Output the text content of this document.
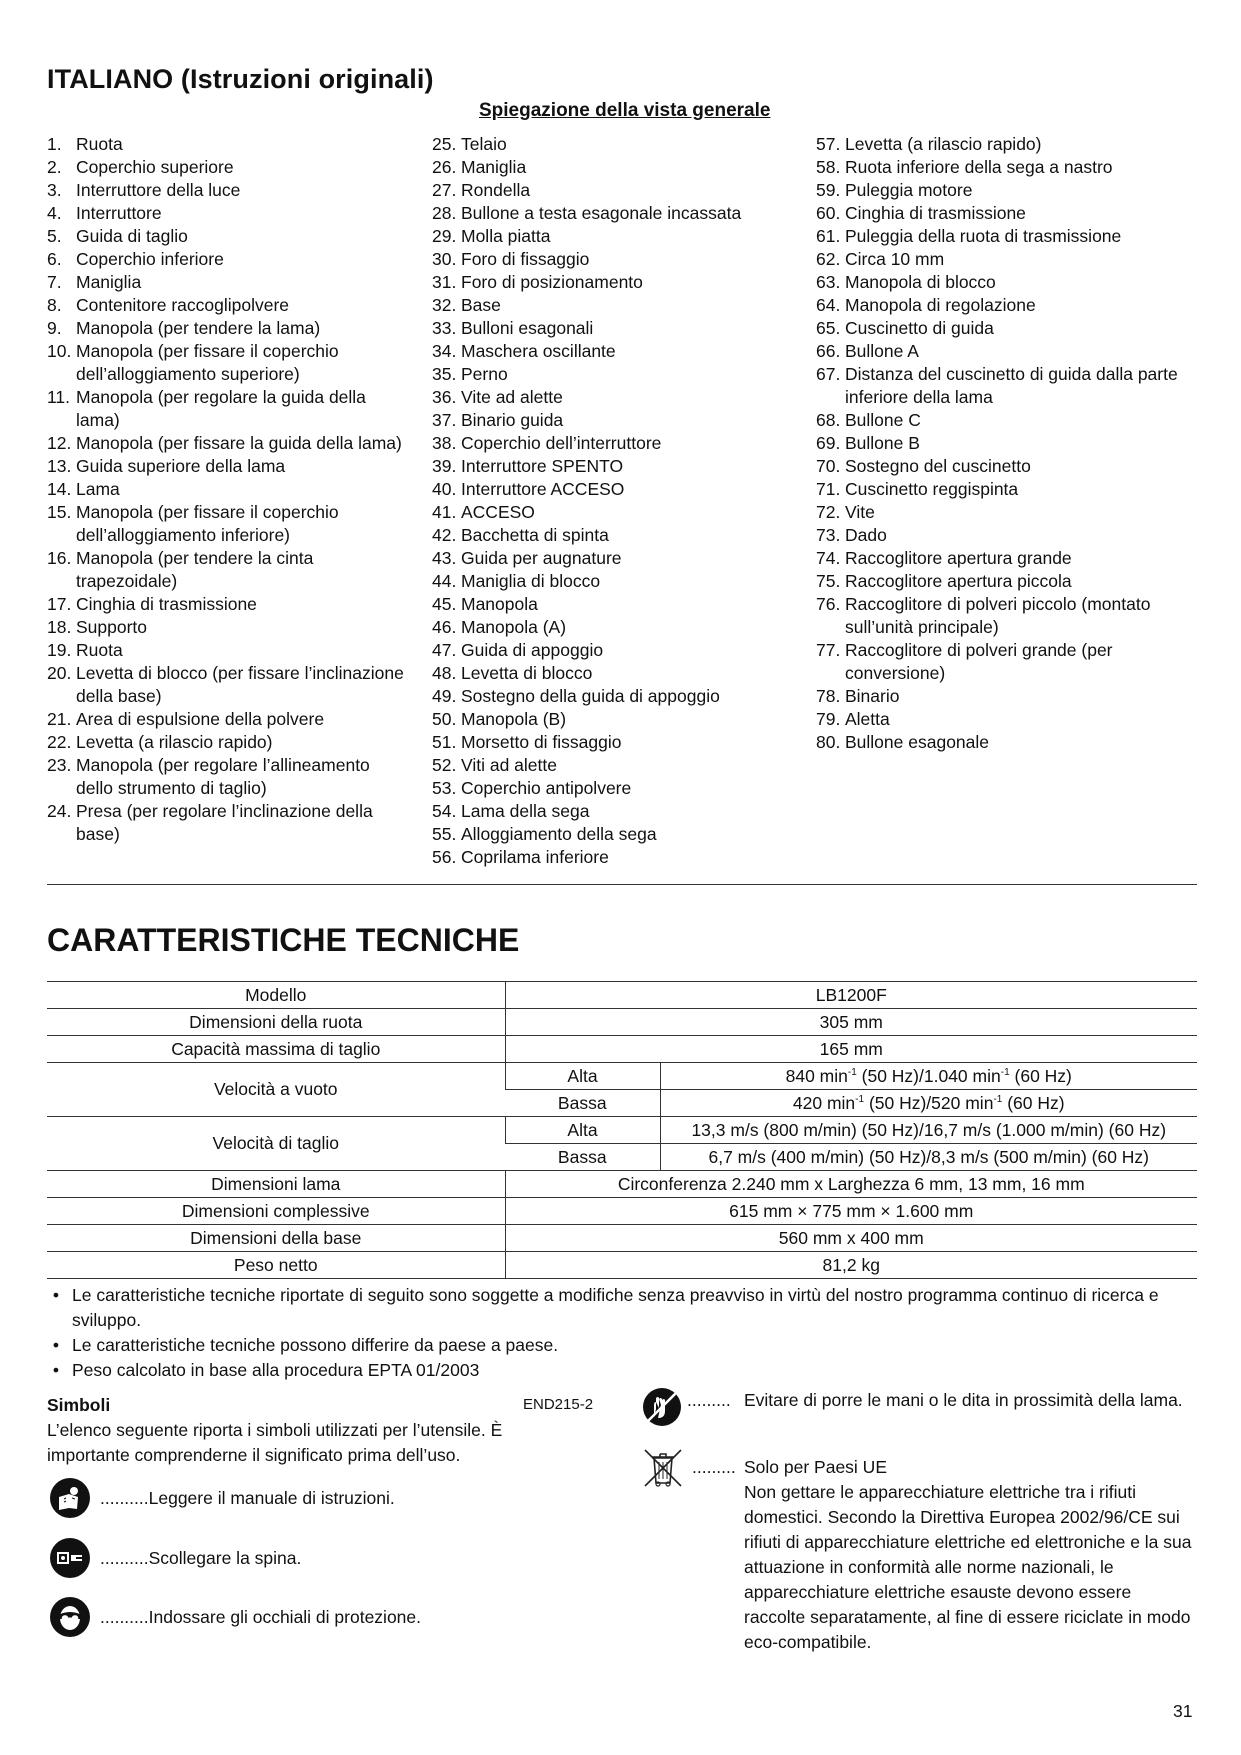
ITALIANO (Istruzioni originali)
Spiegazione della vista generale
1. Ruota
2. Coperchio superiore
3. Interruttore della luce
4. Interruttore
5. Guida di taglio
6. Coperchio inferiore
7. Maniglia
8. Contenitore raccoglipolvere
9. Manopola (per tendere la lama)
10. Manopola (per fissare il coperchio dell’alloggiamento superiore)
11. Manopola (per regolare la guida della lama)
12. Manopola (per fissare la guida della lama)
13. Guida superiore della lama
14. Lama
15. Manopola (per fissare il coperchio dell’alloggiamento inferiore)
16. Manopola (per tendere la cinta trapezoidale)
17. Cinghia di trasmissione
18. Supporto
19. Ruota
20. Levetta di blocco (per fissare l’inclinazione della base)
21. Area di espulsione della polvere
22. Levetta (a rilascio rapido)
23. Manopola (per regolare l’allineamento dello strumento di taglio)
24. Presa (per regolare l’inclinazione della base)
25. Telaio
26. Maniglia
27. Rondella
28. Bullone a testa esagonale incassata
29. Molla piatta
30. Foro di fissaggio
31. Foro di posizionamento
32. Base
33. Bulloni esagonali
34. Maschera oscillante
35. Perno
36. Vite ad alette
37. Binario guida
38. Coperchio dell’interruttore
39. Interruttore SPENTO
40. Interruttore ACCESO
41. ACCESO
42. Bacchetta di spinta
43. Guida per augnature
44. Maniglia di blocco
45. Manopola
46. Manopola (A)
47. Guida di appoggio
48. Levetta di blocco
49. Sostegno della guida di appoggio
50. Manopola (B)
51. Morsetto di fissaggio
52. Viti ad alette
53. Coperchio antipolvere
54. Lama della sega
55. Alloggiamento della sega
56. Coprilama inferiore
57. Levetta (a rilascio rapido)
58. Ruota inferiore della sega a nastro
59. Puleggia motore
60. Cinghia di trasmissione
61. Puleggia della ruota di trasmissione
62. Circa 10 mm
63. Manopola di blocco
64. Manopola di regolazione
65. Cuscinetto di guida
66. Bullone A
67. Distanza del cuscinetto di guida dalla parte inferiore della lama
68. Bullone C
69. Bullone B
70. Sostegno del cuscinetto
71. Cuscinetto reggispinta
72. Vite
73. Dado
74. Raccoglitore apertura grande
75. Raccoglitore apertura piccola
76. Raccoglitore di polveri piccolo (montato sull’unità principale)
77. Raccoglitore di polveri grande (per conversione)
78. Binario
79. Aletta
80. Bullone esagonale
CARATTERISTICHE TECNICHE
Modello	LB1200F	
Dimensioni della ruota	305 mm	
Capacità massima di taglio	165 mm	
Velocità a vuoto	Alta	840 $\min^{-1} (50$ Hz)/1.040 $\min^{-1} (60$ Hz)
	Bassa	420 $\min^{-1} (50$ Hz)/520 $\min^{-1} (60$ Hz)
Velocità di taglio	Alta	13,3 m/s (800 m/min) (50 Hz)/16,7 m/s (1.000 m/min) (60 Hz)
	Bassa	6,7 m/s (400 m/min) (50 Hz)/8,3 m/s (500 m/min) (60 Hz)
Dimensioni lama	Circonferenza 2.240 mm x Larghezza 6 mm, 13 mm, 16 mm	
Dimensioni complessive	615 mm × 775 mm × 1.600 mm	
Dimensioni della base	560 mm x 400 mm	
Peso netto	81,2 kg	
• Le caratteristiche tecniche riportate di seguito sono soggette a modifiche senza preavviso in virtù del nostro programma continuo di ricerca e sviluppo.
• Le caratteristiche tecniche possono differire da paese a paese.
• Peso calcolato in base alla procedura EPTA 01/2003
Simboli	END215-2
L’elenco seguente riporta i simboli utilizzati per l’utensile. È importante comprenderne il significato prima dell’uso.
.......... Leggere il manuale di istruzioni.
.......... Scollegare la spina.
.......... Indossare gli occhiali di protezione.
......... Evitare di porre le mani o le dita in prossimità della lama.
......... Solo per Paesi UE
Non gettare le apparecchiature elettriche tra i rifiuti domestici. Secondo la Direttiva Europea 2002/96/CE sui rifiuti di apparecchiature elettriche ed elettroniche e la sua attuazione in conformità alle norme nazionali, le apparecchiature elettriche esauste devono essere raccolte separatamente, al fine di essere riciclate in modo eco-compatibile.
31
